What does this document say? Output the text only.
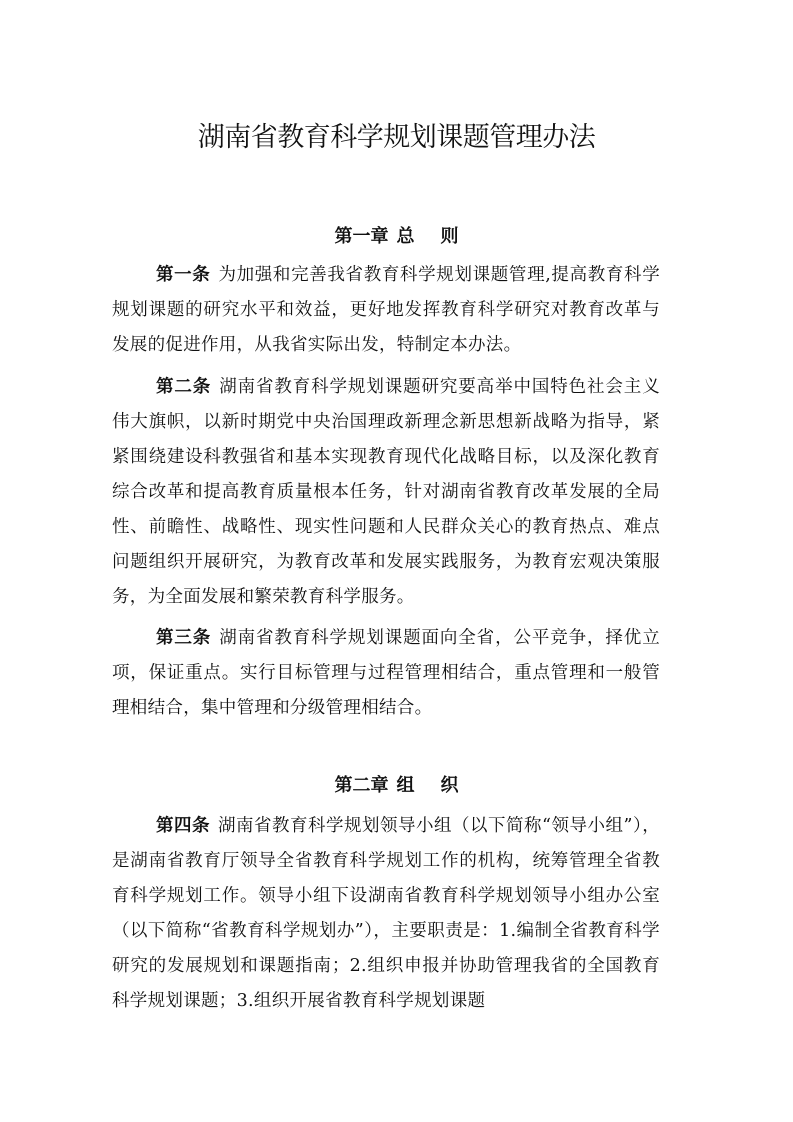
湖南省教育科学规划课题管理办法
第一章 总 则

第一条 为加强和完善我省教育科学规划课题管理,提高教育科学规划课题的研究水平和效益，更好地发挥教育科学研究对教育改革与发展的促进作用，从我省实际出发，特制定本办法。

第二条 湖南省教育科学规划课题研究要高举中国特色社会主义伟大旗帜，以新时期党中央治国理政新理念新思想新战略为指导，紧紧围绕建设科教强省和基本实现教育现代化战略目标，以及深化教育综合改革和提高教育质量根本任务，针对湖南省教育改革发展的全局性、前瞻性、战略性、现实性问题和人民群众关心的教育热点、难点问题组织开展研究，为教育改革和发展实践服务，为教育宏观决策服务，为全面发展和繁荣教育科学服务。

第三条 湖南省教育科学规划课题面向全省，公平竞争，择优立项，保证重点。实行目标管理与过程管理相结合，重点管理和一般管理相结合，集中管理和分级管理相结合。

第二章 组 织

第四条 湖南省教育科学规划领导小组（以下简称“领导小组”），是湖南省教育厅领导全省教育科学规划工作的机构，统筹管理全省教育科学规划工作。领导小组下设湖南省教育科学规划领导小组办公室（以下简称“省教育科学规划办”），主要职责是：1.编制全省教育科学研究的发展规划和课题指南；2.组织申报并协助管理我省的全国教育科学规划课题；3.组织开展省教育科学规划课题
